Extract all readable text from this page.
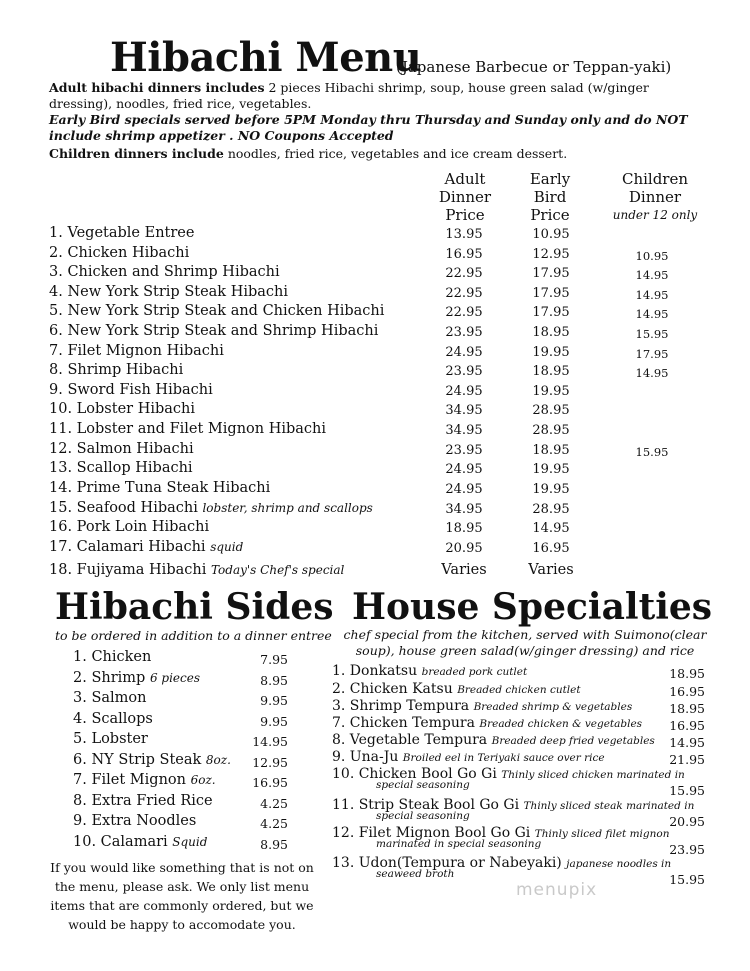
Hibachi Menu
(Japanese Barbecue or Teppan-yaki)
Adult hibachi dinners includes 2 pieces Hibachi shrimp, soup, house green salad (w/ginger dressing), noodles, fried rice, vegetables.
Early Bird specials served before 5PM Monday thru Thursday and Sunday only and do NOT include shrimp appetizer . NO Coupons Accepted
Children dinners include noodles, fried rice, vegetables and ice cream dessert.
Adult
Dinner
Price
Early
Bird
Price
Children
Dinner
under 12 only
1. Vegetable Entree	13.95	10.95
2. Chicken Hibachi	16.95	12.95	10.95
3. Chicken and Shrimp Hibachi	22.95	17.95	14.95
4. New York Strip Steak Hibachi	22.95	17.95	14.95
5. New York Strip Steak and Chicken Hibachi	22.95	17.95	14.95
6. New York Strip Steak and Shrimp Hibachi	23.95	18.95	15.95
7. Filet Mignon Hibachi	24.95	19.95	17.95
8. Shrimp Hibachi	23.95	18.95	14.95
9. Sword Fish Hibachi	24.95	19.95
10. Lobster Hibachi	34.95	28.95
11. Lobster and Filet Mignon Hibachi	34.95	28.95
12. Salmon Hibachi	23.95	18.95	15.95
13. Scallop Hibachi	24.95	19.95
14. Prime Tuna Steak Hibachi	24.95	19.95
15. Seafood Hibachi lobster, shrimp and scallops	34.95	28.95
16. Pork Loin Hibachi	18.95	14.95
17. Calamari Hibachi squid	20.95	16.95
18. Fujiyama Hibachi Today's Chef's special	Varies	Varies
Hibachi Sides
to be ordered in addition to a dinner entree
1. Chicken	7.95
2. Shrimp 6 pieces	8.95
3. Salmon	9.95
4. Scallops	9.95
5. Lobster	14.95
6. NY Strip Steak 8oz. 12.95
7. Filet Mignon 6oz.	16.95
8. Extra Fried Rice	4.25
9. Extra Noodles	4.25
10. Calamari Squid	8.95
If you would like something that is not on the menu, please ask. We only list menu items that are commonly ordered, but we would be happy to accomodate you.
House Specialties
chef special from the kitchen, served with Suimono(clear soup), house green salad(w/ginger dressing) and rice
1. Donkatsu breaded pork cutlet	18.95
2. Chicken Katsu Breaded chicken cutlet	16.95
3. Shrimp Tempura Breaded shrimp & vegetables	18.95
7. Chicken Tempura Breaded chicken & vegetables	16.95
8. Vegetable Tempura Breaded deep fried vegetables	14.95
9. Una-Ju Broiled eel in Teriyaki sauce over rice	21.95
10. Chicken Bool Go Gi Thinly sliced chicken marinated in
special seasoning	15.95
11. Strip Steak Bool Go Gi Thinly sliced steak marinated in
special seasoning	20.95
12. Filet Mignon Bool Go Gi Thinly sliced filet mignon
marinated in special seasoning	23.95
13. Udon(Tempura or Nabeyaki) japanese noodles in
seaweed broth	15.95
menupix
